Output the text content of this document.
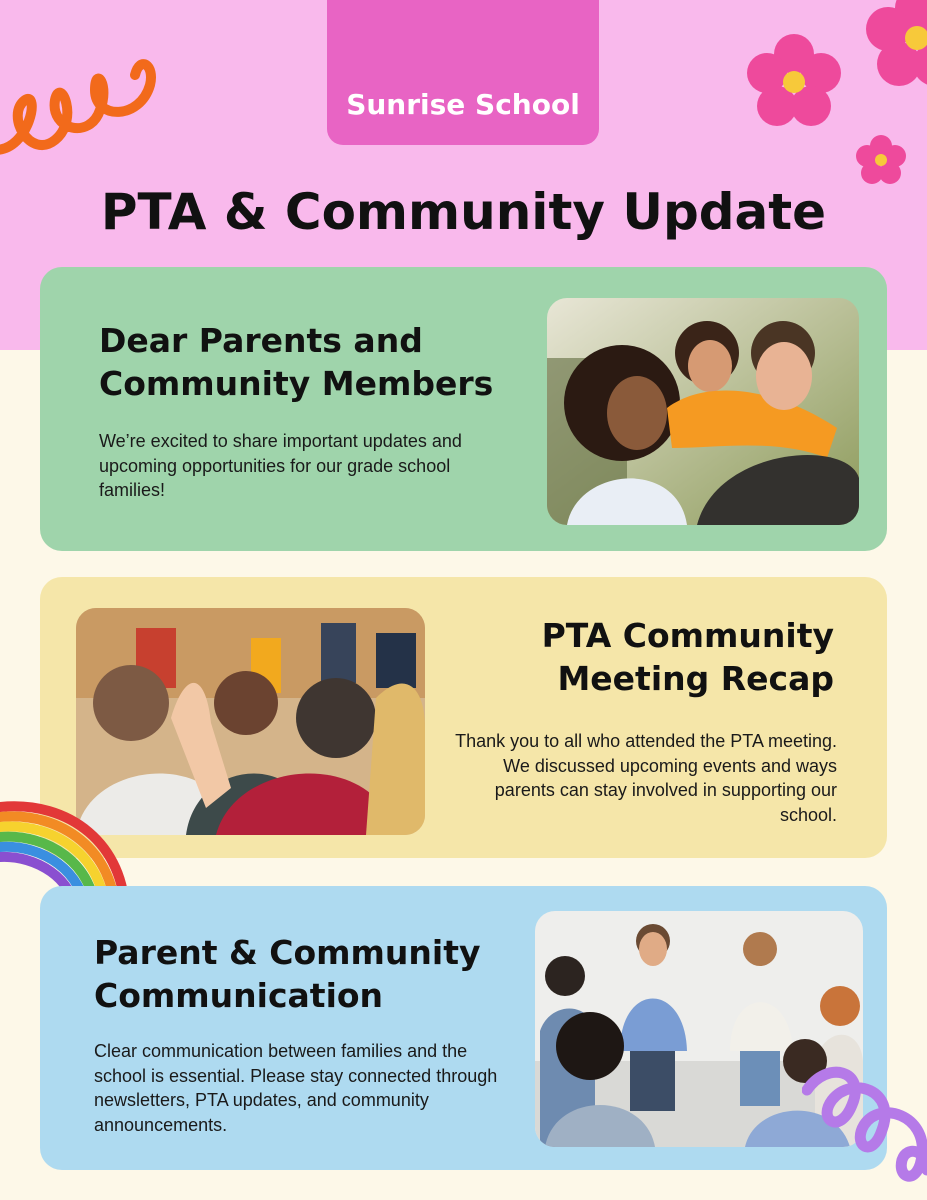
Sunrise School
PTA & Community Update
Dear Parents and Community Members

We’re excited to share important updates and upcoming opportunities for our grade school families!

PTA Community Meeting Recap

Thank you to all who attended the PTA meeting. We discussed upcoming events and ways parents can stay involved in supporting our school.

Parent & Community Communication

Clear communication between families and the school is essential. Please stay connected through newsletters, PTA updates, and community announcements.
